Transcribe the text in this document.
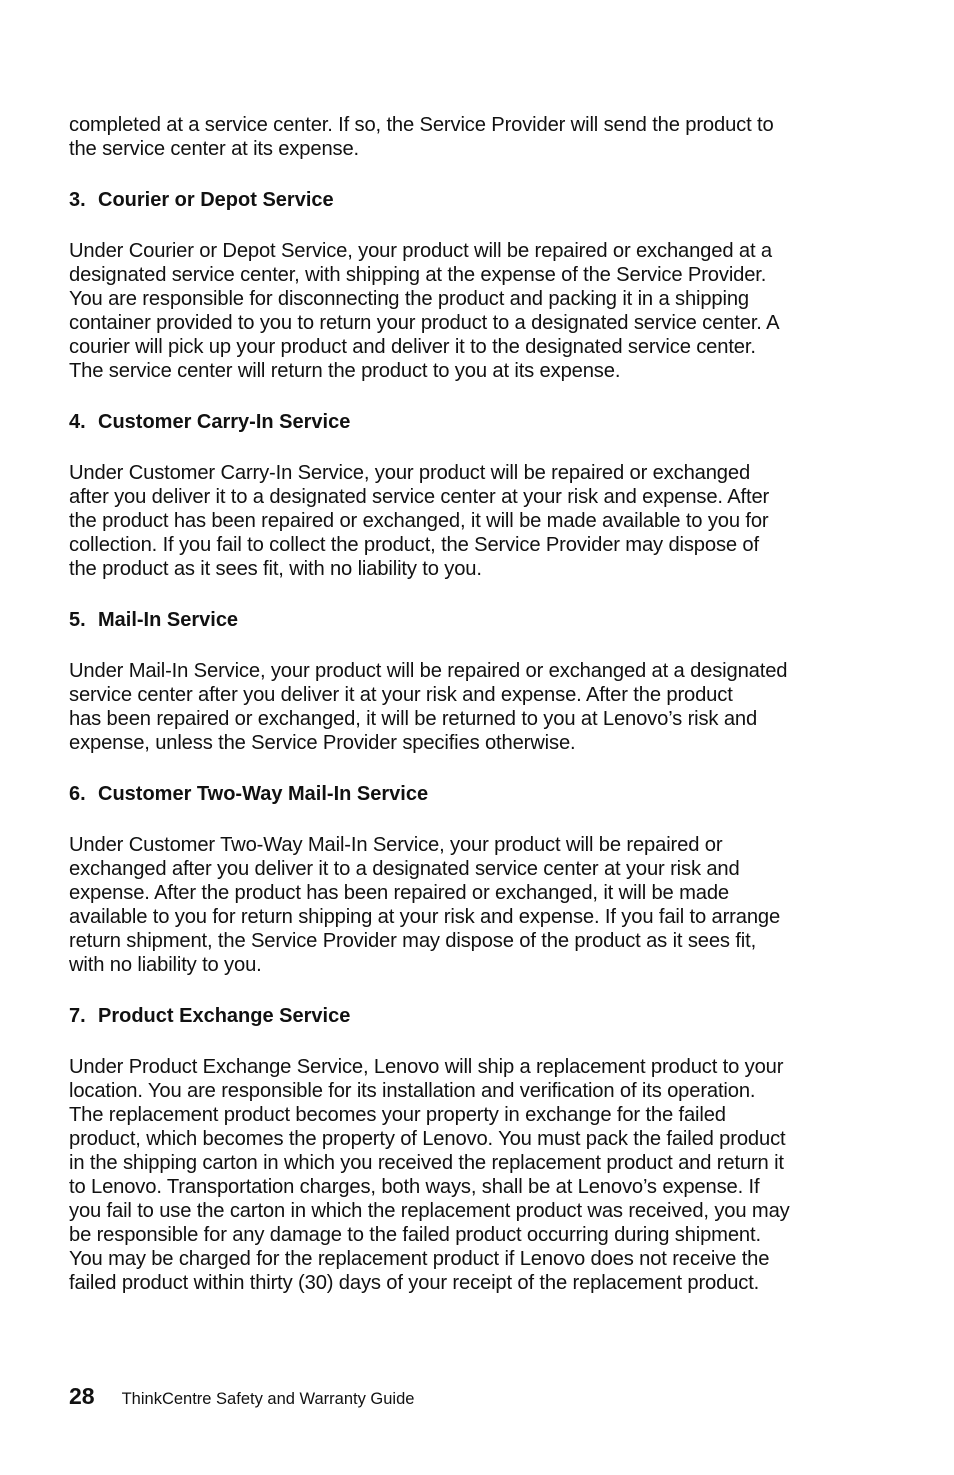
completed at a service center. If so, the Service Provider will send the product to
the service center at its expense.

3. Courier or Depot Service

Under Courier or Depot Service, your product will be repaired or exchanged at a
designated service center, with shipping at the expense of the Service Provider.
You are responsible for disconnecting the product and packing it in a shipping
container provided to you to return your product to a designated service center. A
courier will pick up your product and deliver it to the designated service center.
The service center will return the product to you at its expense.

4. Customer Carry-In Service

Under Customer Carry-In Service, your product will be repaired or exchanged
after you deliver it to a designated service center at your risk and expense. After
the product has been repaired or exchanged, it will be made available to you for
collection. If you fail to collect the product, the Service Provider may dispose of
the product as it sees fit, with no liability to you.

5. Mail-In Service

Under Mail-In Service, your product will be repaired or exchanged at a designated
service center after you deliver it at your risk and expense. After the product
has been repaired or exchanged, it will be returned to you at Lenovo’s risk and
expense, unless the Service Provider specifies otherwise.

6. Customer Two-Way Mail-In Service

Under Customer Two-Way Mail-In Service, your product will be repaired or
exchanged after you deliver it to a designated service center at your risk and
expense. After the product has been repaired or exchanged, it will be made
available to you for return shipping at your risk and expense. If you fail to arrange
return shipment, the Service Provider may dispose of the product as it sees fit,
with no liability to you.

7. Product Exchange Service

Under Product Exchange Service, Lenovo will ship a replacement product to your
location. You are responsible for its installation and verification of its operation.
The replacement product becomes your property in exchange for the failed
product, which becomes the property of Lenovo. You must pack the failed product
in the shipping carton in which you received the replacement product and return it
to Lenovo. Transportation charges, both ways, shall be at Lenovo’s expense. If
you fail to use the carton in which the replacement product was received, you may
be responsible for any damage to the failed product occurring during shipment.
You may be charged for the replacement product if Lenovo does not receive the
failed product within thirty (30) days of your receipt of the replacement product.

28 ThinkCentre Safety and Warranty Guide
